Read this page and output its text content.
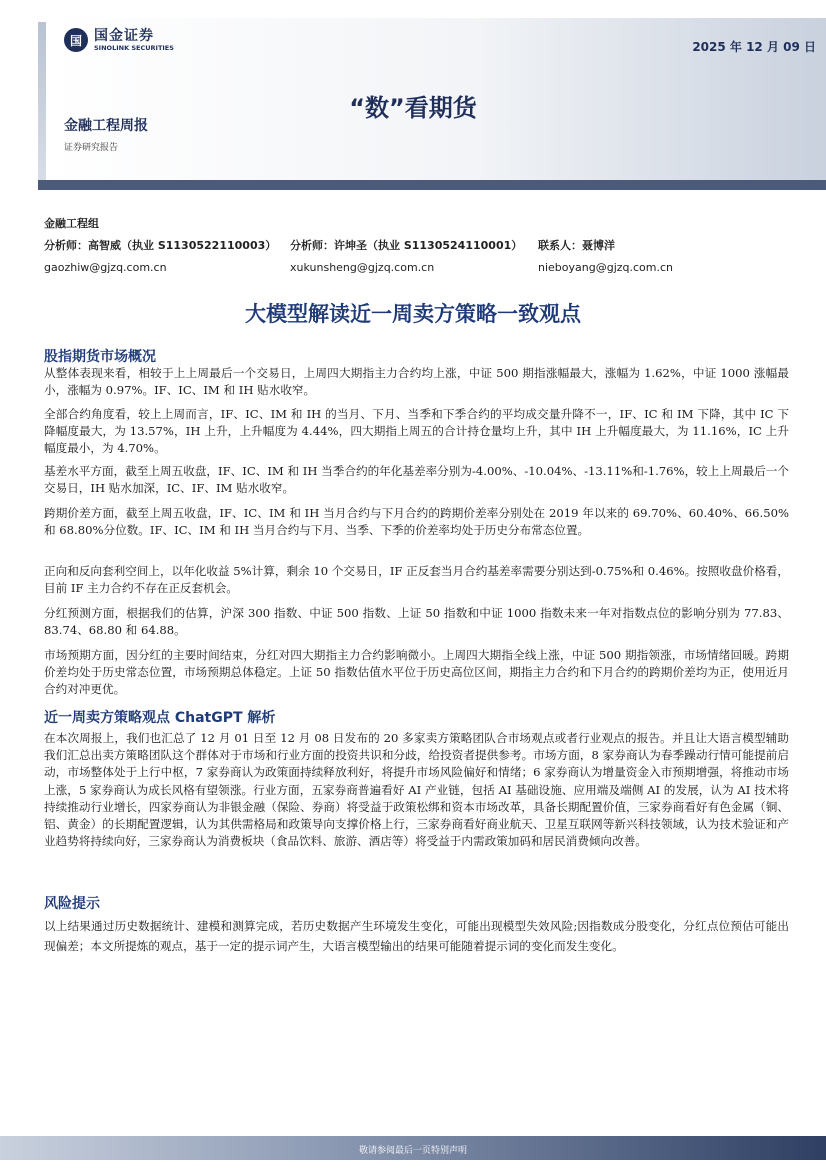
国 国金证券
SINOLINK SECURITIES	2025 年 12 月 09 日
“数”看期货
金融工程周报
证券研究报告
金融工程组
分析师：高智威（执业 S1130522110003）
gaozhiw@gjzq.com.cn
分析师：许坤圣（执业 S1130524110001）
xukunsheng@gjzq.com.cn
联系人：聂博洋
nieboyang@gjzq.com.cn
大模型解读近一周卖方策略一致观点
股指期货市场概况
从整体表现来看，相较于上上周最后一个交易日，上周四大期指主力合约均上涨，中证 500 期指涨幅最大，涨幅为 1.62%，中证 1000 涨幅最小，涨幅为 0.97%。IF、IC、IM 和 IH 贴水收窄。
全部合约角度看，较上上周而言，IF、IC、IM 和 IH 的当月、下月、当季和下季合约的平均成交量升降不一，IF、IC 和 IM 下降，其中 IC 下降幅度最大，为 13.57%，IH 上升，上升幅度为 4.44%，四大期指上周五的合计持仓量均上升，其中 IH 上升幅度最大，为 11.16%，IC 上升幅度最小，为 4.70%。
基差水平方面，截至上周五收盘，IF、IC、IM 和 IH 当季合约的年化基差率分别为-4.00%、-10.04%、-13.11%和-1.76%，较上上周最后一个交易日，IH 贴水加深，IC、IF、IM 贴水收窄。
跨期价差方面，截至上周五收盘，IF、IC、IM 和 IH 当月合约与下月合约的跨期价差率分别处在 2019 年以来的 69.70%、60.40%、66.50%和 68.80%分位数。IF、IC、IM 和 IH 当月合约与下月、当季、下季的价差率均处于历史分布常态位置。
正向和反向套利空间上，以年化收益 5%计算，剩余 10 个交易日，IF 正反套当月合约基差率需要分别达到-0.75%和 0.46%。按照收盘价格看，目前 IF 主力合约不存在正反套机会。
分红预测方面，根据我们的估算，沪深 300 指数、中证 500 指数、上证 50 指数和中证 1000 指数未来一年对指数点位的影响分别为 77.83、83.74、68.80 和 64.88。
市场预期方面，因分红的主要时间结束，分红对四大期指主力合约影响微小。上周四大期指全线上涨，中证 500 期指领涨，市场情绪回暖。跨期价差均处于历史常态位置，市场预期总体稳定。上证 50 指数估值水平位于历史高位区间，期指主力合约和下月合约的跨期价差均为正，使用近月合约对冲更优。
近一周卖方策略观点 ChatGPT 解析
在本次周报上，我们也汇总了 12 月 01 日至 12 月 08 日发布的 20 多家卖方策略团队合市场观点或者行业观点的报告。并且让大语言模型辅助我们汇总出卖方策略团队这个群体对于市场和行业方面的投资共识和分歧，给投资者提供参考。市场方面，8 家券商认为春季躁动行情可能提前启动，市场整体处于上行中枢，7 家券商认为政策面持续释放利好，将提升市场风险偏好和情绪；6 家券商认为增量资金入市预期增强，将推动市场上涨，5 家券商认为成长风格有望领涨。行业方面，五家券商普遍看好 AI 产业链，包括 AI 基础设施、应用端及端侧 AI 的发展，认为 AI 技术将持续推动行业增长，四家券商认为非银金融（保险、券商）将受益于政策松绑和资本市场改革，具备长期配置价值，三家券商看好有色金属（铜、铝、黄金）的长期配置逻辑，认为其供需格局和政策导向支撑价格上行，三家券商看好商业航天、卫星互联网等新兴科技领域，认为技术验证和产业趋势将持续向好，三家券商认为消费板块（食品饮料、旅游、酒店等）将受益于内需政策加码和居民消费倾向改善。
风险提示
以上结果通过历史数据统计、建模和测算完成，若历史数据产生环境发生变化，可能出现模型失效风险;因指数成分股变化，分红点位预估可能出现偏差；本文所提炼的观点，基于一定的提示词产生，大语言模型输出的结果可能随着提示词的变化而发生变化。
敬请参阅最后一页特别声明
